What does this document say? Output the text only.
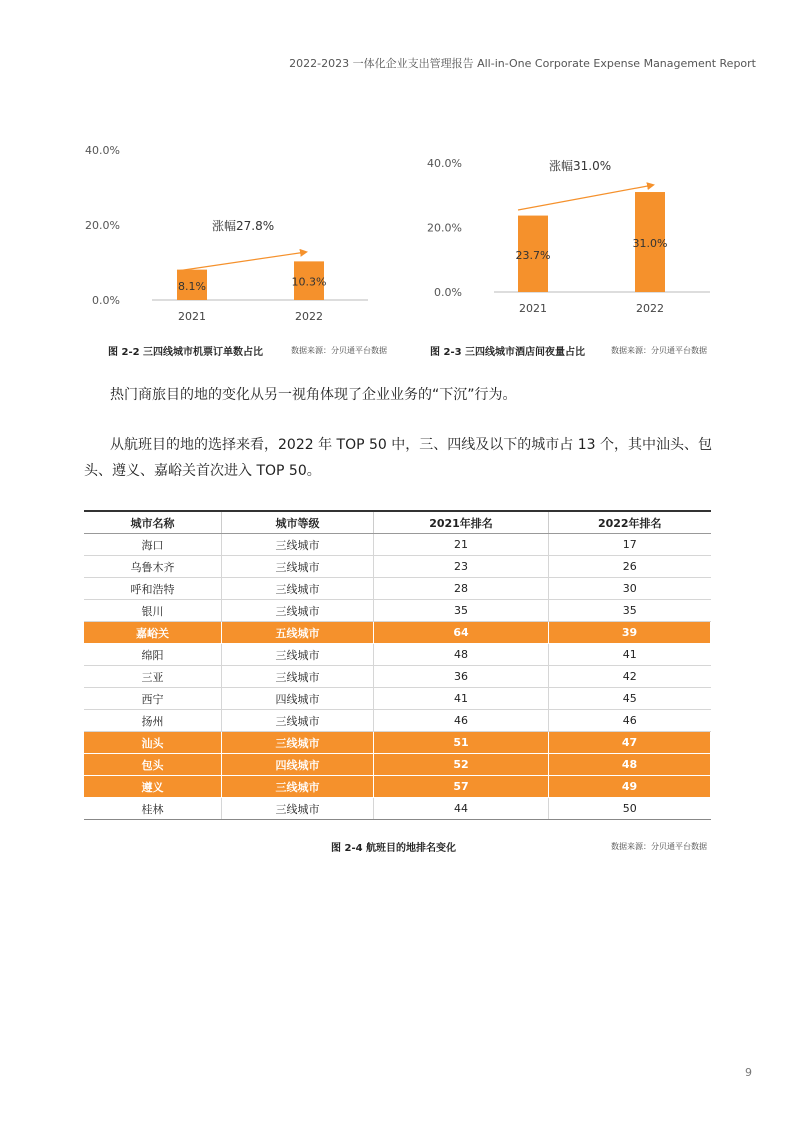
2022-2023 一体化企业支出管理报告 All-in-One Corporate Expense Management Report
0.0%
20.0%
40.0%
8.1%
2021
10.3%
2022
涨幅27.8%
0.0%
20.0%
40.0%
23.7%
2021
31.0%
2022
涨幅31.0%
图 2-2 三四线城市机票订单数占比	数据来源：分贝通平台数据	图 2-3 三四线城市酒店间夜量占比	数据来源：分贝通平台数据

热门商旅目的地的变化从另一视角体现了企业业务的“下沉”行为。

从航班目的地的选择来看，2022 年 TOP 50 中，三、四线及以下的城市占 13 个，其中汕头、包头、遵义、嘉峪关首次进入 TOP 50。

城市名称	城市等级	2021年排名	2022年排名
海口	三线城市	21	17
乌鲁木齐	三线城市	23	26
呼和浩特	三线城市	28	30
银川	三线城市	35	35
嘉峪关	五线城市	64	39
绵阳	三线城市	48	41
三亚	三线城市	36	42
西宁	四线城市	41	45
扬州	三线城市	46	46
汕头	三线城市	51	47
包头	四线城市	52	48
遵义	三线城市	57	49
桂林	三线城市	44	50
图 2-4 航班目的地排名变化	数据来源：分贝通平台数据
9
